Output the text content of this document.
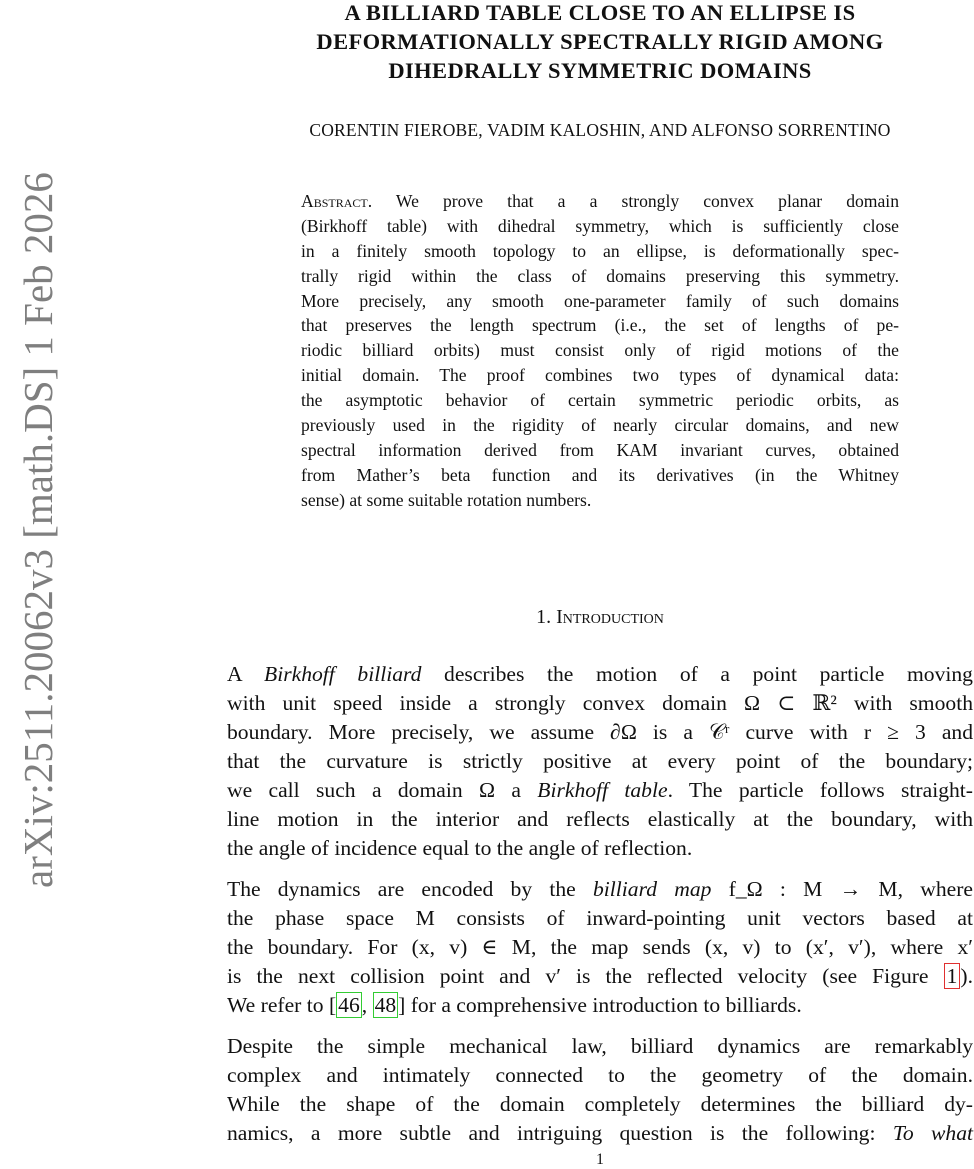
arXiv:2511.20062v3 [math.DS] 1 Feb 2026
A BILLIARD TABLE CLOSE TO AN ELLIPSE IS
DEFORMATIONALLY SPECTRALLY RIGID AMONG
DIHEDRALLY SYMMETRIC DOMAINS
CORENTIN FIEROBE, VADIM KALOSHIN, AND ALFONSO SORRENTINO
Abstract. We prove that a a strongly convex planar domain
(Birkhoff table) with dihedral symmetry, which is sufficiently close
in a finitely smooth topology to an ellipse, is deformationally spec-
trally rigid within the class of domains preserving this symmetry.
More precisely, any smooth one-parameter family of such domains
that preserves the length spectrum (i.e., the set of lengths of pe-
riodic billiard orbits) must consist only of rigid motions of the
initial domain. The proof combines two types of dynamical data:
the asymptotic behavior of certain symmetric periodic orbits, as
previously used in the rigidity of nearly circular domains, and new
spectral information derived from KAM invariant curves, obtained
from Mather’s beta function and its derivatives (in the Whitney
sense) at some suitable rotation numbers.
1. Introduction

A Birkhoff billiard describes the motion of a point particle moving
with unit speed inside a strongly convex domain Ω ⊂ ℝ² with smooth
boundary. More precisely, we assume ∂Ω is a 𝒞ʳ curve with r ≥ 3 and
that the curvature is strictly positive at every point of the boundary;
we call such a domain Ω a Birkhoff table. The particle follows straight-
line motion in the interior and reflects elastically at the boundary, with
the angle of incidence equal to the angle of reflection.

The dynamics are encoded by the billiard map f_Ω : M → M, where
the phase space M consists of inward-pointing unit vectors based at
the boundary. For (x, v) ∈ M, the map sends (x, v) to (x′, v′), where x′
is the next collision point and v′ is the reflected velocity (see Figure 1 ).
We refer to [46, 48] for a comprehensive introduction to billiards.

Despite the simple mechanical law, billiard dynamics are remarkably
complex and intimately connected to the geometry of the domain.
While the shape of the domain completely determines the billiard dy-
namics, a more subtle and intriguing question is the following: To what

1
